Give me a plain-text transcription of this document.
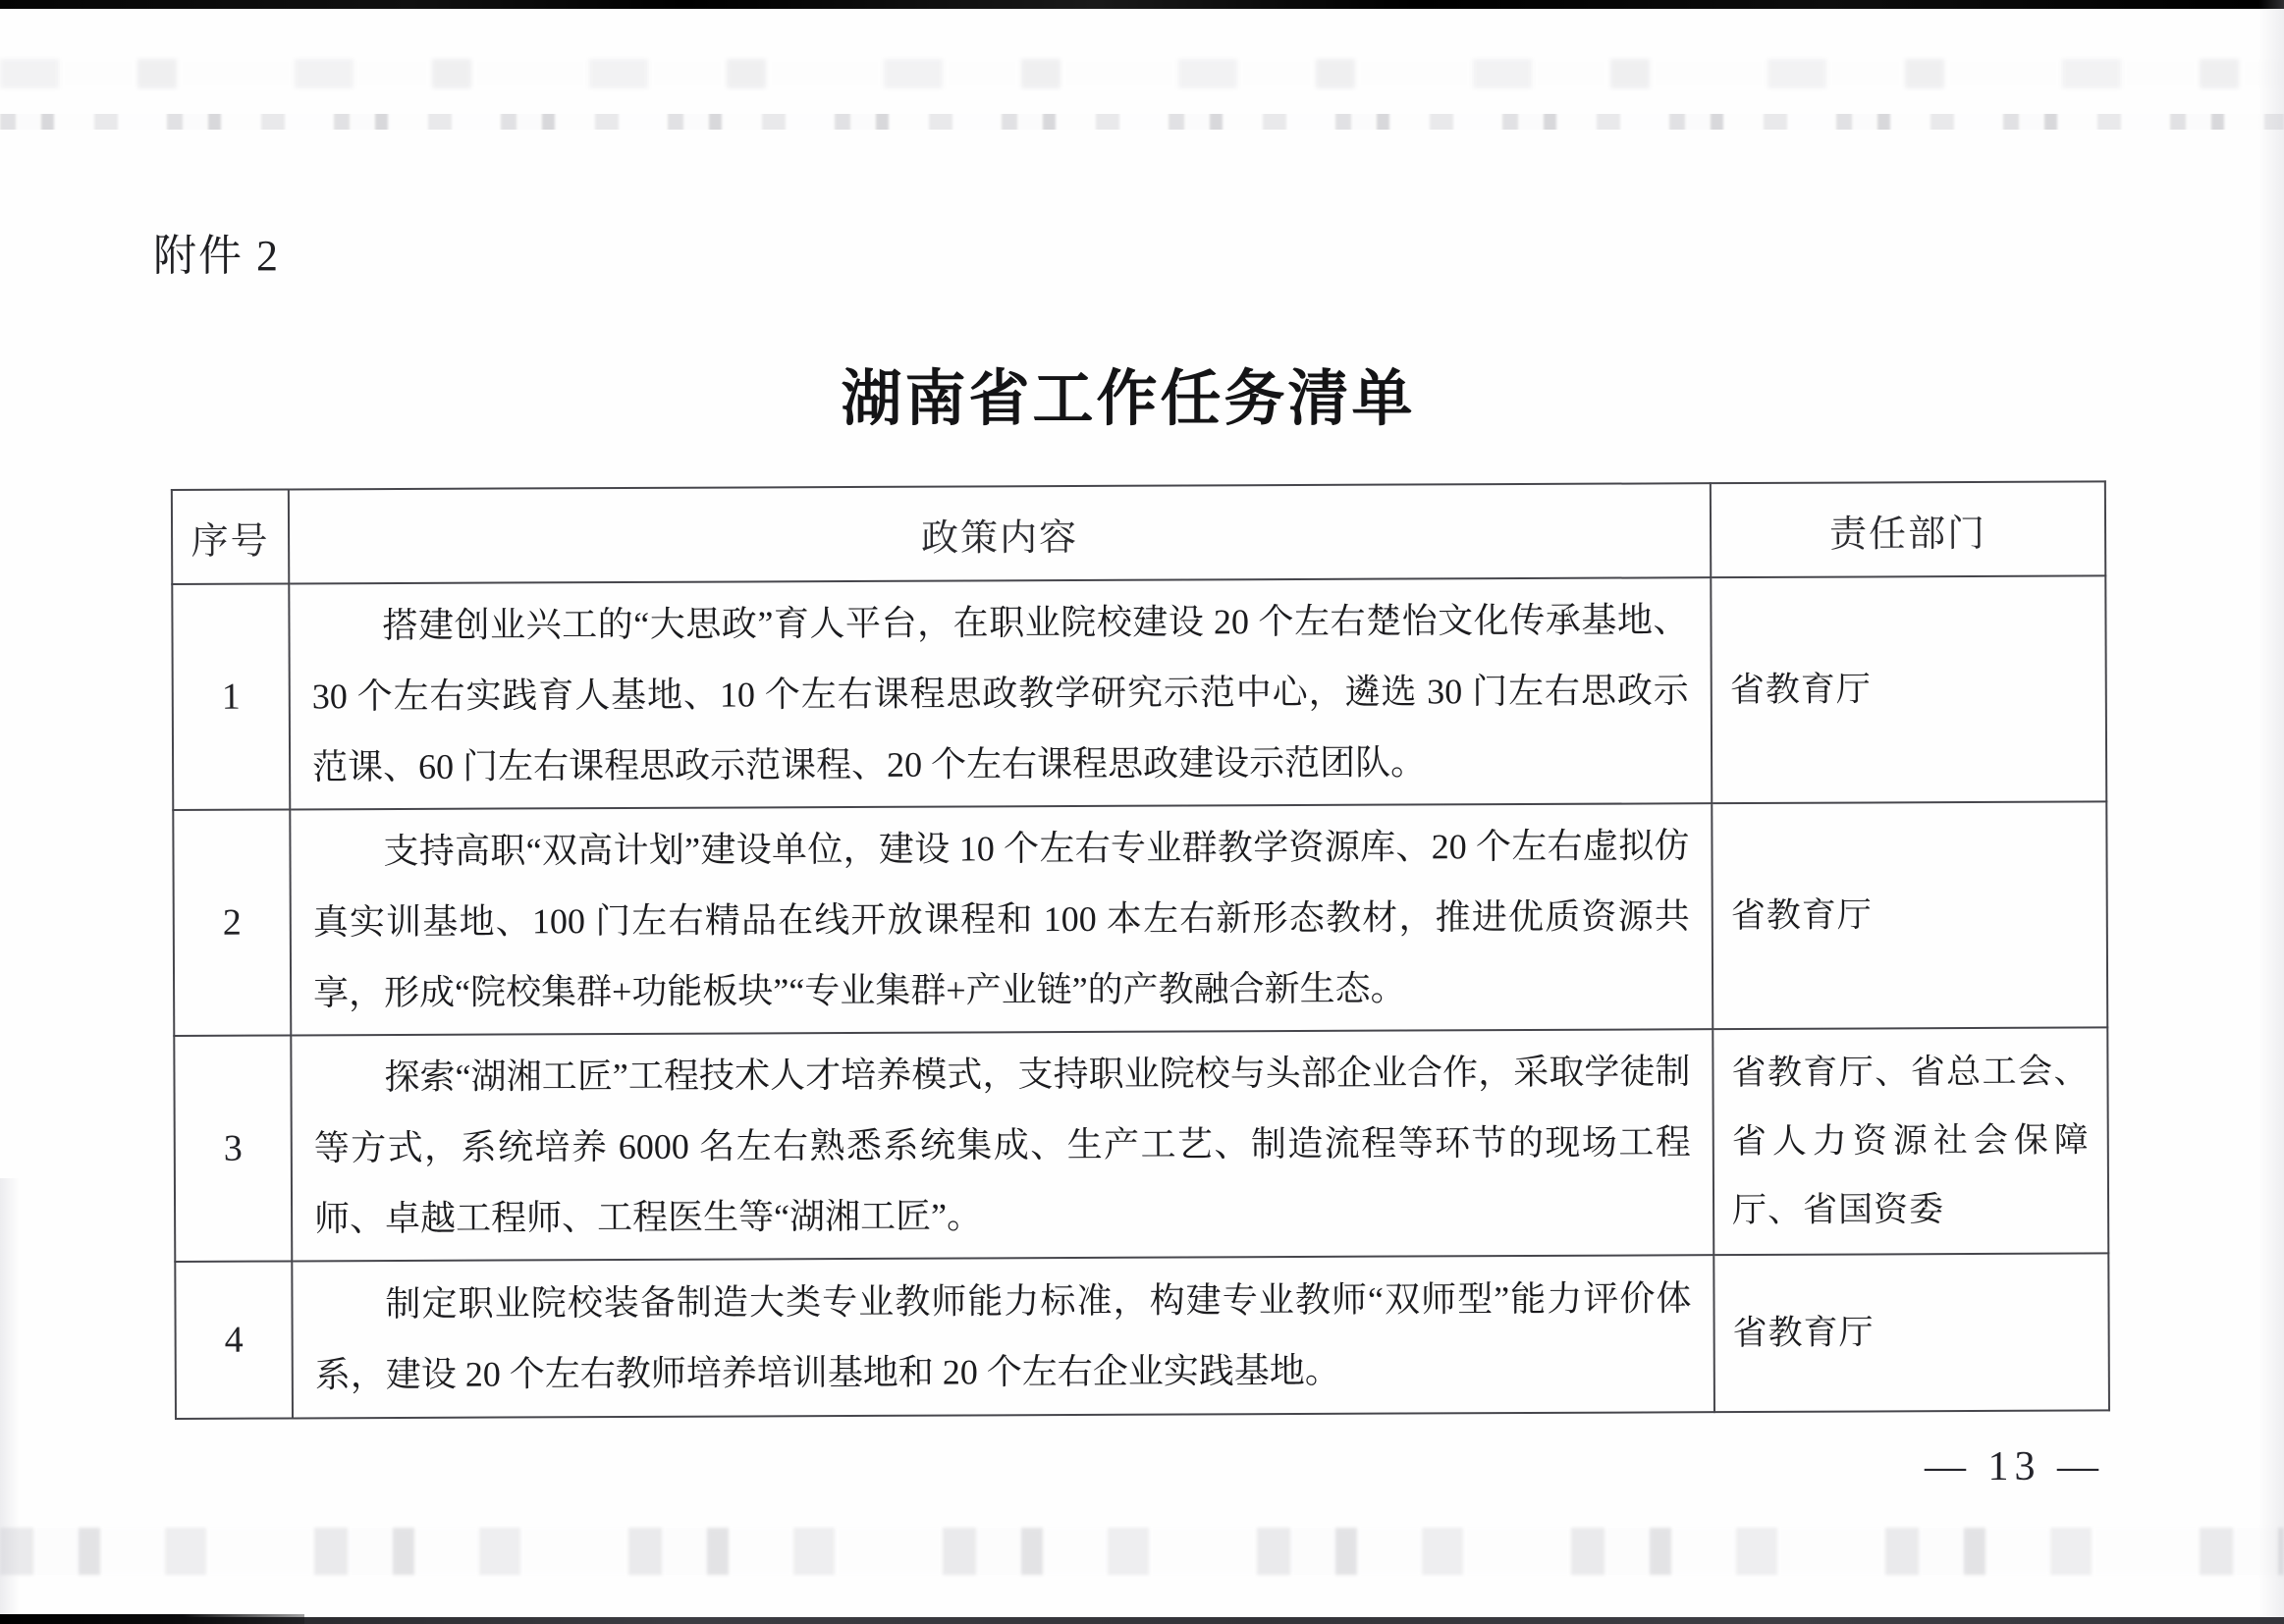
附件 2
湖南省工作任务清单
序号	政策内容	责任部门
1	搭建创业兴工的“大思政”育人平台，在职业院校建设 20 个左右楚怡文化传承基地、30 个左右实践育人基地、10 个左右课程思政教学研究示范中心，遴选 30 门左右思政示范课、60 门左右课程思政示范课程、20 个左右课程思政建设示范团队。	省教育厅
2	支持高职“双高计划”建设单位，建设 10 个左右专业群教学资源库、20 个左右虚拟仿真实训基地、100 门左右精品在线开放课程和 100 本左右新形态教材，推进优质资源共享，形成“院校集群+功能板块”“专业集群+产业链”的产教融合新生态。	省教育厅
3	探索“湖湘工匠”工程技术人才培养模式，支持职业院校与头部企业合作，采取学徒制等方式，系统培养 6000 名左右熟悉系统集成、生产工艺、制造流程等环节的现场工程师、卓越工程师、工程医生等“湖湘工匠”。	省教育厅、省总工会、省人力资源社会保障厅、省国资委
4	制定职业院校装备制造大类专业教师能力标准，构建专业教师“双师型”能力评价体系，建设 20 个左右教师培养培训基地和 20 个左右企业实践基地。	省教育厅
— 13 —
